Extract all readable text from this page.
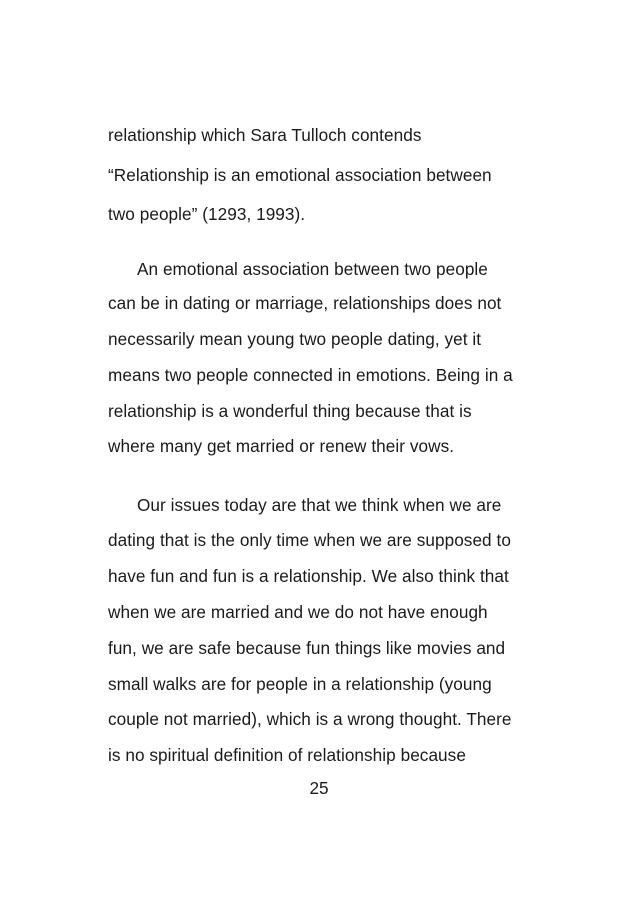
relationship which Sara Tulloch contends
“Relationship is an emotional association between
two people” (1293, 1993).
An emotional association between two people
can be in dating or marriage, relationships does not
necessarily mean young two people dating, yet it
means two people connected in emotions. Being in a
relationship is a wonderful thing because that is
where many get married or renew their vows.
Our issues today are that we think when we are
dating that is the only time when we are supposed to
have fun and fun is a relationship. We also think that
when we are married and we do not have enough
fun, we are safe because fun things like movies and
small walks are for people in a relationship (young
couple not married), which is a wrong thought. There
is no spiritual definition of relationship because
25
